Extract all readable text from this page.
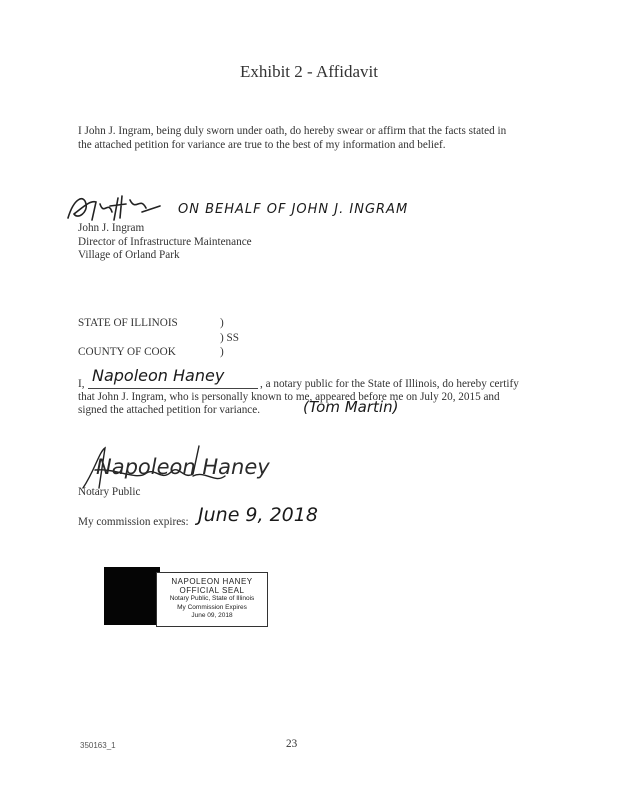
Exhibit 2 - Affidavit
I John J. Ingram, being duly sworn under oath, do hereby swear or affirm that the facts stated in
the attached petition for variance are true to the best of my information and belief.
ON BEHALF OF JOHN J. INGRAM
John J. Ingram
Director of Infrastructure Maintenance
Village of Orland Park
STATE OF ILLINOIS	)
) SS
COUNTY OF COOK	)
I, Napoleon Haney	, a notary public for the State of Illinois, do hereby certify
that John J. Ingram, who is personally known to me, appeared before me on July 20, 2015 and
signed the attached petition for variance.	(Tom Martin)
Napoleon Haney
Notary Public
My commission expires: June 9, 2018
NAPOLEON HANEY
OFFICIAL SEAL
Notary Public, State of Illinois
My Commission Expires
June 09, 2018
350163_1	23
